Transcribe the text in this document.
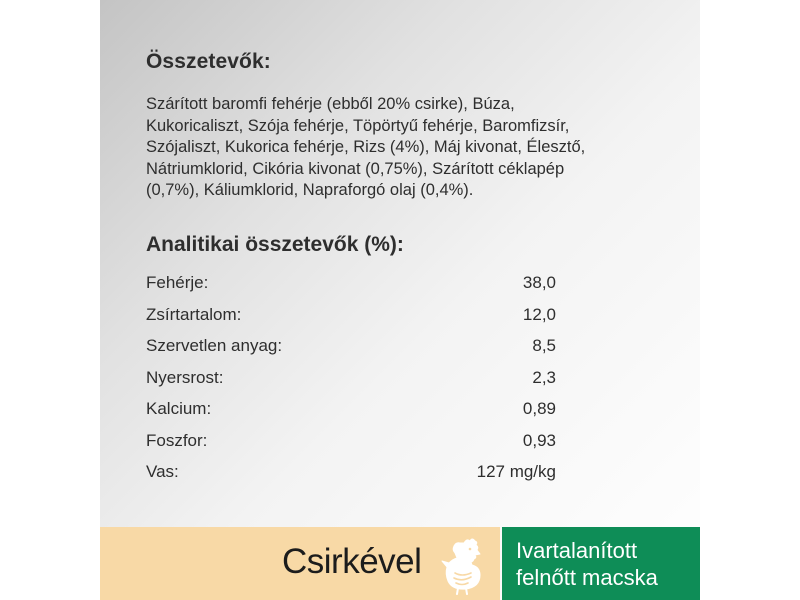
Összetevők:
Szárított baromfi fehérje (ebből 20% csirke), Búza, Kukoricaliszt, Szója fehérje, Töpörtyű fehérje, Baromfizsír, Szójaliszt, Kukorica fehérje, Rizs (4%), Máj kivonat, Élesztő, Nátriumklorid, Cikória kivonat (0,75%), Szárított céklapép (0,7%), Káliumklorid, Napraforgó olaj (0,4%).
Analitikai összetevők (%):
Fehérje:	38,0
Zsírtartalom:	12,0
Szervetlen anyag:	8,5
Nyersrost:	2,3
Kalcium:	0,89
Foszfor:	0,93
Vas:	127 mg/kg
Csirkével	Ivartalanított
felnőtt macska
